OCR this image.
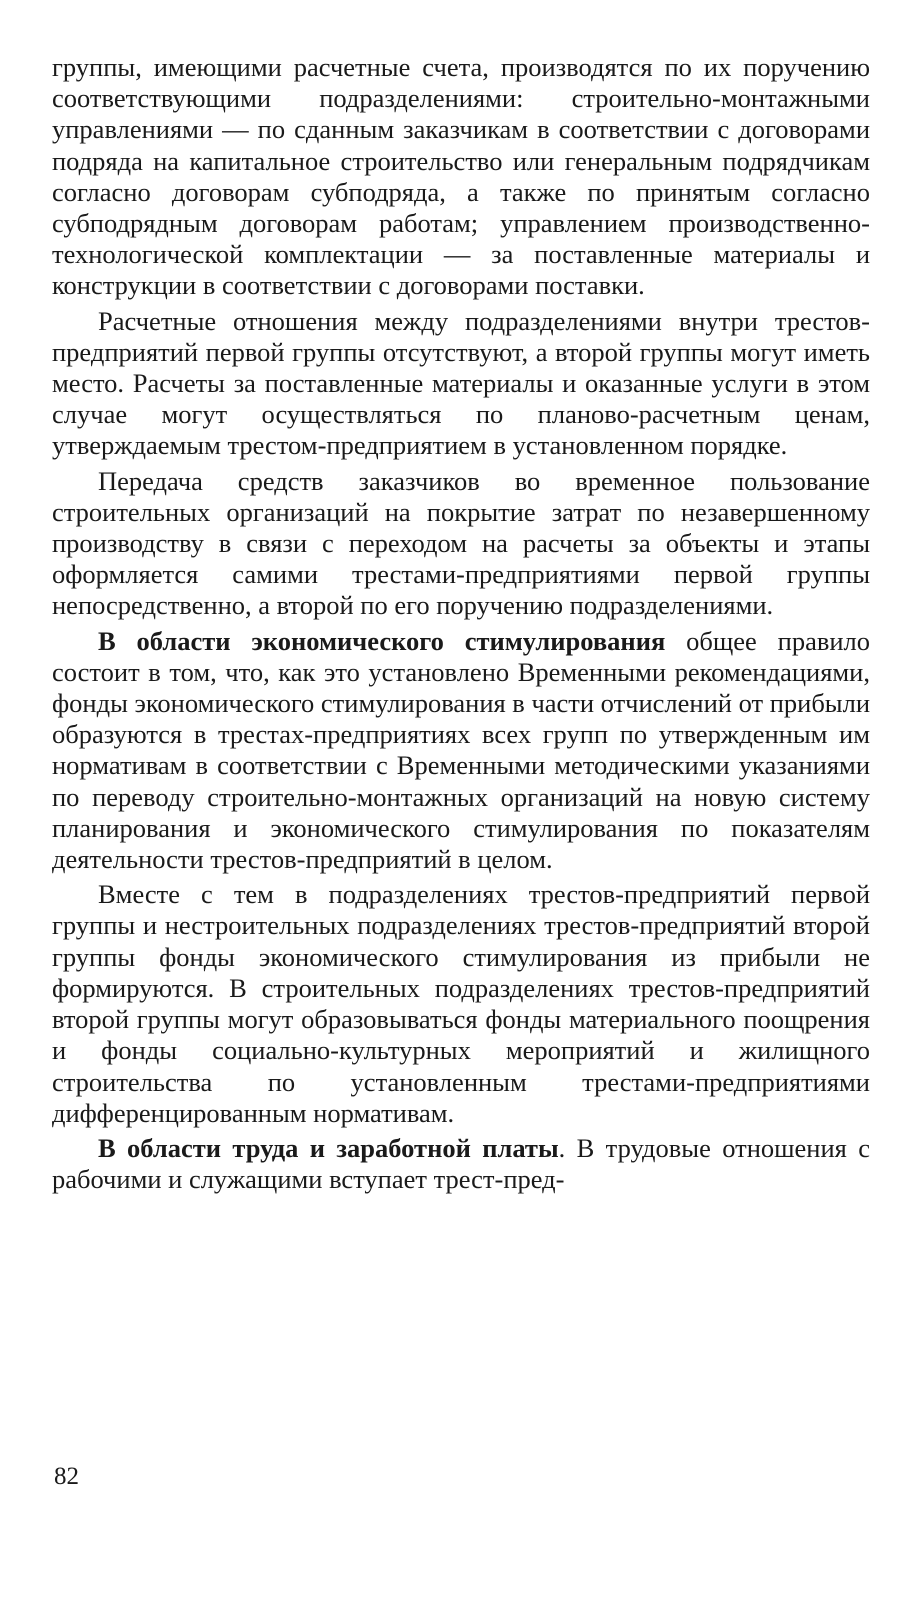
группы, имеющими расчетные счета, производятся по их поручению соответствующими подразделениями: строительно-монтажными управлениями — по сданным заказчикам в соответствии с договорами подряда на капитальное строительство или генеральным подрядчикам согласно договорам субподряда, а также по принятым согласно субподрядным договорам работам; управлением производственно-технологической комплектации — за поставленные материалы и конструкции в соответствии с договорами поставки.

Расчетные отношения между подразделениями внутри трестов-предприятий первой группы отсутствуют, а второй группы могут иметь место. Расчеты за поставленные материалы и оказанные услуги в этом случае могут осуществляться по планово-расчетным ценам, утверждаемым трестом-предприятием в установленном порядке.

Передача средств заказчиков во временное пользование строительных организаций на покрытие затрат по незавершенному производству в связи с переходом на расчеты за объекты и этапы оформляется самими трестами-предприятиями первой группы непосредственно, а второй по его поручению подразделениями.

В области экономического стимулирования общее правило состоит в том, что, как это установлено Временными рекомендациями, фонды экономического стимулирования в части отчислений от прибыли образуются в трестах-предприятиях всех групп по утвержденным им нормативам в соответствии с Временными методическими указаниями по переводу строительно-монтажных организаций на новую систему планирования и экономического стимулирования по показателям деятельности трестов-предприятий в целом.

Вместе с тем в подразделениях трестов-предприятий первой группы и нестроительных подразделениях трестов-предприятий второй группы фонды экономического стимулирования из прибыли не формируются. В строительных подразделениях трестов-предприятий второй группы могут образовываться фонды материального поощрения и фонды социально-культурных мероприятий и жилищного строительства по установленным трестами-предприятиями дифференцированным нормативам.

В области труда и заработной платы. В трудовые отношения с рабочими и служащими вступает трест-пред-

82
